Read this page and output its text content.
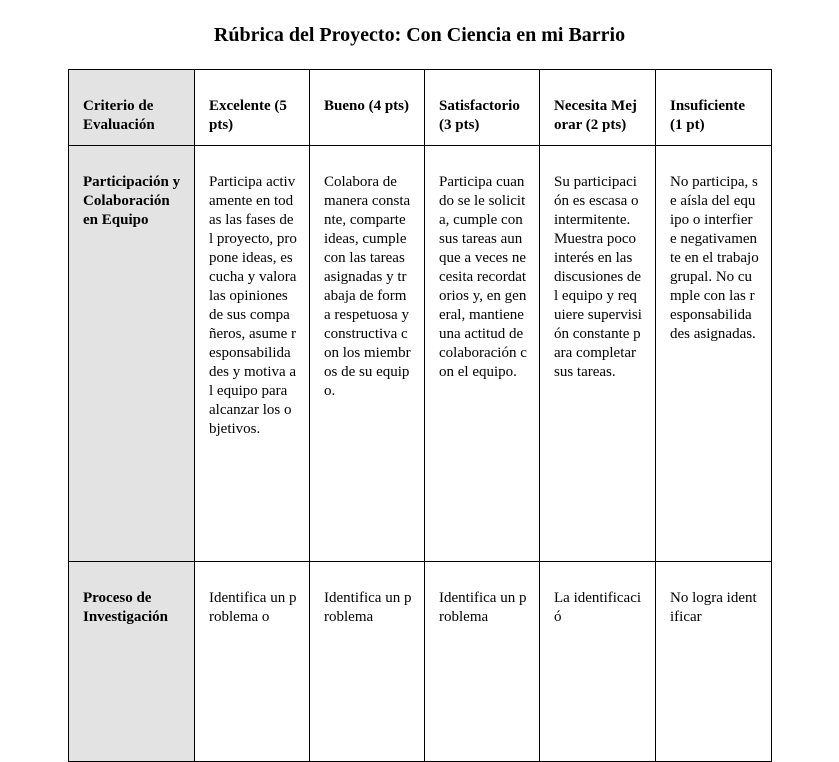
Rúbrica del Proyecto: Con Ciencia en mi Barrio
Criterio de Evaluación	Excelente (5 pts)	Bueno (4 pts)	Satisfactorio (3 pts)	Necesita Mejorar (2 pts)	Insuficiente (1 pt)
Participación y Colaboración en Equipo	Participa activamente en todas las fases del proyecto, propone ideas, escucha y valora las opiniones de sus compañeros, asume responsabilidades y motiva al equipo para alcanzar los objetivos.	Colabora de manera constante, comparte ideas, cumple con las tareas asignadas y trabaja de forma respetuosa y constructiva con los miembros de su equipo.	Participa cuando se le solicita, cumple con sus tareas aunque a veces necesita recordatorios y, en general, mantiene una actitud de colaboración con el equipo.	Su participación es escasa o intermitente. Muestra poco interés en las discusiones del equipo y requiere supervisión constante para completar sus tareas.	No participa, se aísla del equipo o interfiere negativamente en el trabajo grupal. No cumple con las responsabilidades asignadas.
Proceso de Investigación	Identifica un problema o	Identifica un problema	Identifica un problema	La identificació	No logra identificar
